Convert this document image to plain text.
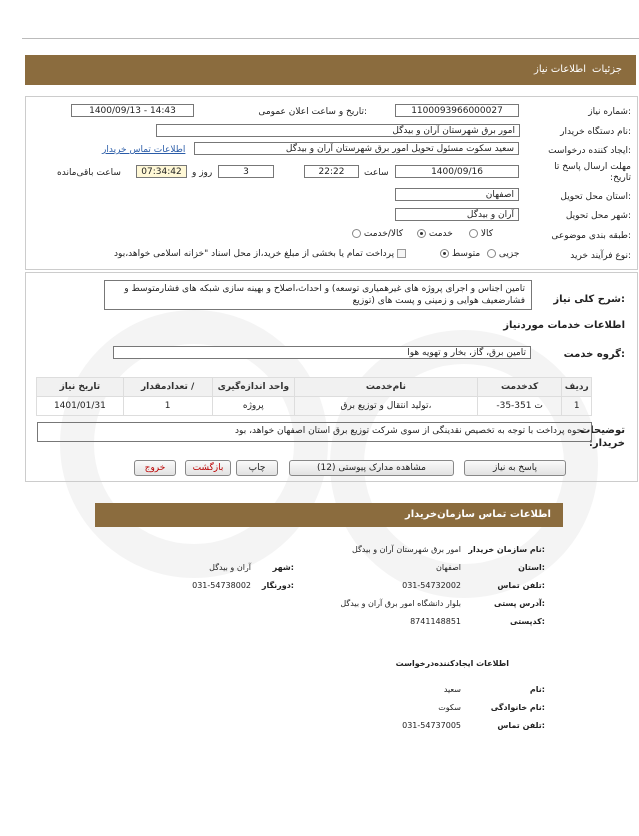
جزئیات
اطلاعات نیاز
شماره نیاز:
1100093966000027
تاریخ و ساعت اعلان عمومی:
1400/09/13 - 14:43
نام دستگاه خریدار:
امور برق شهرستان آران و بیدگل
ایجاد کننده درخواست:
سعید سکوت مسئول تحویل امور برق شهرستان آران و بیدگل
اطلاعات تماس خریدار
مهلت ارسال پاسخ تا تاریخ:
1400/09/16
ساعت
22:22
3
روز و
07:34:42
ساعت باقی‌مانده
استان محل تحویل:
اصفهان
شهر محل تحویل:
آران و بیدگل
طبقه بندی موضوعی:
کالا
خدمت
کالا/خدمت
نوع فرآیند خرید:
جزیی
متوسط
پرداخت تمام یا بخشی از مبلغ خرید،از محل اسناد "خزانه اسلامی خواهد،بود
شرح کلی نیاز:
تامین اجناس و اجرای پروژه های غیرهمیاری توسعه) و احداث،اصلاح و بهینه سازی شبکه های فشارمتوسط و فشارضعیف هوایی و زمینی و پست های (توزیع
اطلاعات خدمات موردنیاز
گروه خدمت:
تامین برق، گاز، بخار و تهویه هوا
ردیف	کدخدمت	نام‌خدمت	واحد اندازه‌گیری	/ تعدادمقدار	تاریخ نیاز
1	ت 351-35-	،تولید انتقال و توزیع برق	پروژه	1	1401/01/31
توضیحات خریدار:
نحوه پرداخت با توجه به تخصیص نقدینگی از سوی شرکت توزیع برق استان اصفهان خواهد، بود
پاسخ به نیاز
مشاهده مدارک پیوستی (12)
چاپ
بازگشت
خروج
اطلاعات تماس سازمان‌خریدار
نام سازمان خریدار:
امور برق شهرستان آران و بیدگل
استان:
اصفهان
شهر:
آران و بیدگل
تلفن تماس:
031-54732002
دورنگار:
031-54738002
آدرس پستی:
بلوار دانشگاه امور برق آران و بیدگل
کدپستی:
8741148851
اطلاعات ایجادکننده‌درخواست
نام:
سعید
نام خانوادگی:
سکوت
تلفن تماس:
031-54737005
